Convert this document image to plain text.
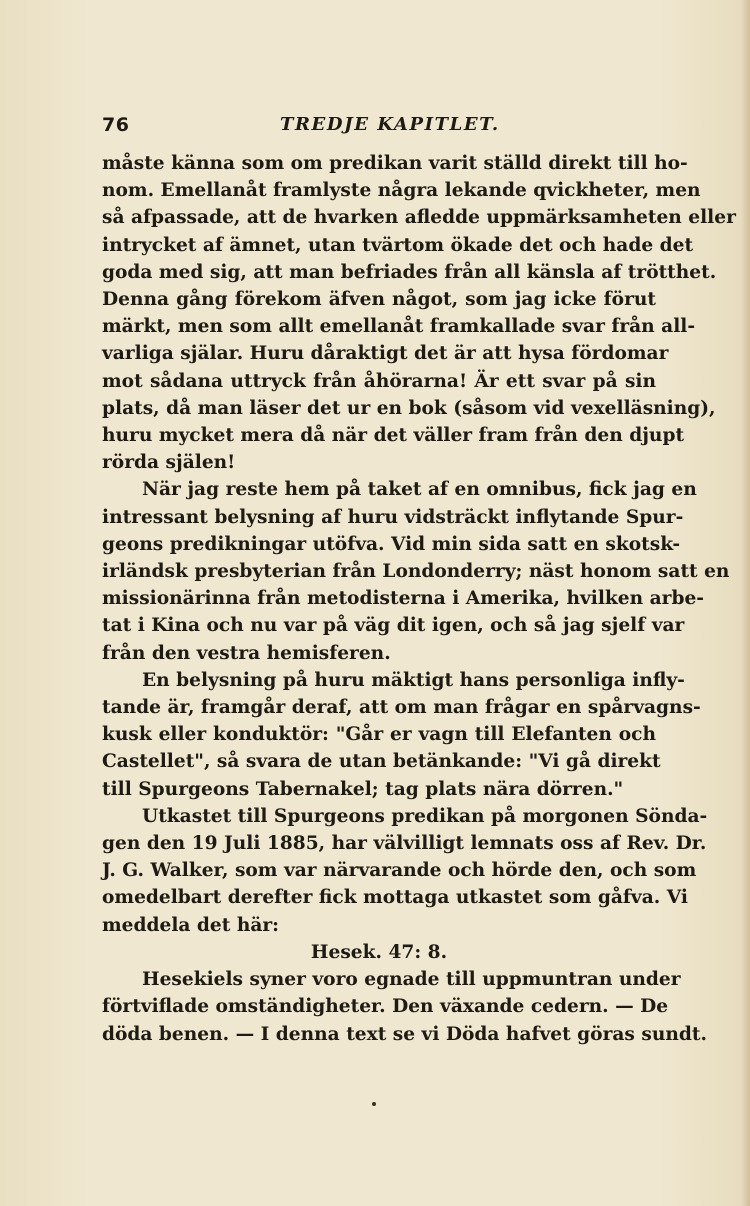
76	TREDJE KAPITLET.
måste känna som om predikan varit ställd direkt till ho-
nom. Emellanåt framlyste några lekande qvickheter, men
så afpassade, att de hvarken afledde uppmärksamheten eller
intrycket af ämnet, utan tvärtom ökade det och hade det
goda med sig, att man befriades från all känsla af trötthet.
Denna gång förekom äfven något, som jag icke förut
märkt, men som allt emellanåt framkallade svar från all-
varliga själar. Huru dåraktigt det är att hysa fördomar
mot sådana uttryck från åhörarna! Är ett svar på sin
plats, då man läser det ur en bok (såsom vid vexelläsning),
huru mycket mera då när det väller fram från den djupt
rörda själen!
När jag reste hem på taket af en omnibus, fick jag en
intressant belysning af huru vidsträckt inflytande Spur-
geons predikningar utöfva. Vid min sida satt en skotsk-
irländsk presbyterian från Londonderry; näst honom satt en
missionärinna från metodisterna i Amerika, hvilken arbe-
tat i Kina och nu var på väg dit igen, och så jag sjelf var
från den vestra hemisferen.
En belysning på huru mäktigt hans personliga infly-
tande är, framgår deraf, att om man frågar en spårvagns-
kusk eller konduktör: "Går er vagn till Elefanten och
Castellet", så svara de utan betänkande: "Vi gå direkt
till Spurgeons Tabernakel; tag plats nära dörren."
Utkastet till Spurgeons predikan på morgonen Sönda-
gen den 19 Juli 1885, har välvilligt lemnats oss af Rev. Dr.
J. G. Walker, som var närvarande och hörde den, och som
omedelbart derefter fick mottaga utkastet som gåfva. Vi
meddela det här:
Hesek. 47: 8.
Hesekiels syner voro egnade till uppmuntran under
förtviflade omständigheter. Den växande cedern. — De
döda benen. — I denna text se vi Döda hafvet göras sundt.
